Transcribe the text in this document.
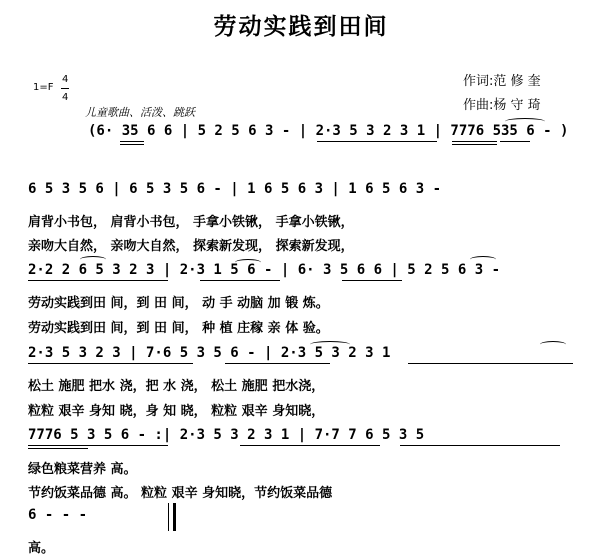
劳动实践到田间
1=F
4
4
儿童歌曲、活泼、跳跃
作词:范 修 奎
作曲:杨 守 琦
(6· 35 6 6 | 5 2 5 6 3 - | 2·3 5 3 2 3 1 | 7776 535 6 - )
6 5 3 5 6 | 6 5 3 5 6 - | 1 6 5 6 3 | 1 6 5 6 3 -
肩背小书包， 肩背小书包， 手拿小铁锹， 手拿小铁锹，
亲吻大自然， 亲吻大自然， 探索新发现， 探索新发现，
2·2 2 6 5 3 2 3 | 2·3 1 5 6 - | 6· 3 5 6 6 | 5 2 5 6 3 -
劳动实践到田 间，到 田 间， 动 手 动脑 加 锻 炼。
劳动实践到田 间，到 田 间， 种 植 庄稼 亲 体 验。
2·3 5 3 2 3 | 7·6 5 3 5 6 - | 2·3 5 3 2 3 1
松土 施肥 把水 浇，把 水 浇， 松土 施肥 把水浇，
粒粒 艰辛 身知 晓，身 知 晓， 粒粒 艰辛 身知晓，
7776 5 3 5 6 - :| 2·3 5 3 2 3 1 | 7·7 7 6 5 3 5
绿色粮菜营养 高。
节约饭菜品德 高。 粒粒 艰辛 身知晓，节约饭菜品德
6 - - -
高。
